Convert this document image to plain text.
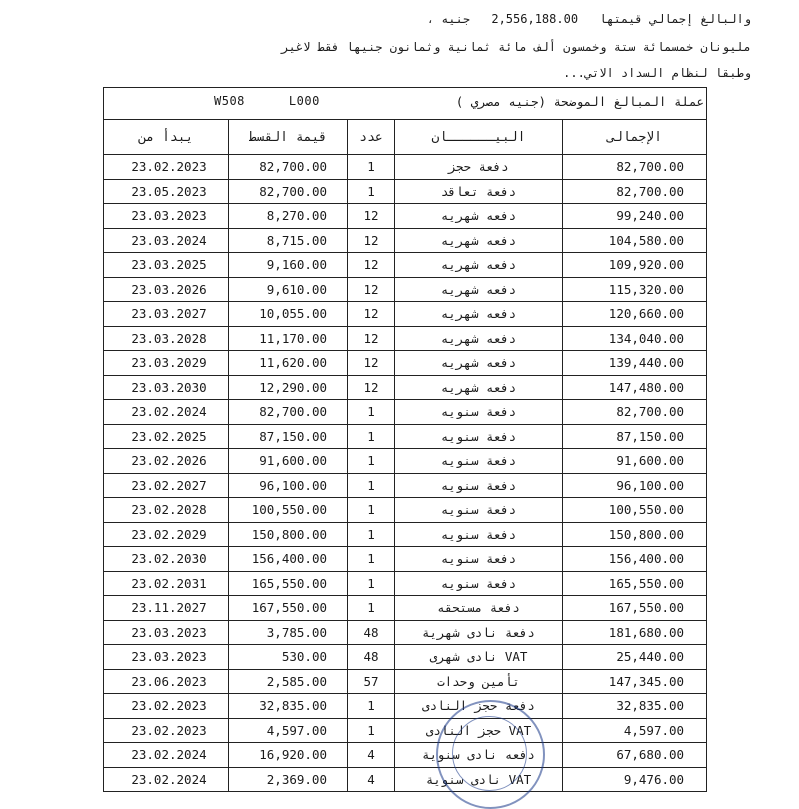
والبالغ إجمالي قيمتها 2,556,188.00 جنيه ،
مليونان خمسمائة ستة وخمسون ألف مائة ثمانية وثمانون جنيها فقط لاغير
وطبقا لنظام السداد الاتي...
W508 L000 عملة المبالغ الموضحة (جنيه مصري )				

يبدأ من	قيمة القسط	عدد	البيــــــان	الإجمالى
23.02.2023	82,700.00	1	دفعة حجز	82,700.00
23.05.2023	82,700.00	1	دفعة تعاقد	82,700.00
23.03.2023	8,270.00	12	دفعه شهريه	99,240.00
23.03.2024	8,715.00	12	دفعه شهريه	104,580.00
23.03.2025	9,160.00	12	دفعه شهريه	109,920.00
23.03.2026	9,610.00	12	دفعه شهريه	115,320.00
23.03.2027	10,055.00	12	دفعه شهريه	120,660.00
23.03.2028	11,170.00	12	دفعه شهريه	134,040.00
23.03.2029	11,620.00	12	دفعه شهريه	139,440.00
23.03.2030	12,290.00	12	دفعه شهريه	147,480.00
23.02.2024	82,700.00	1	دفعة سنويه	82,700.00
23.02.2025	87,150.00	1	دفعة سنويه	87,150.00
23.02.2026	91,600.00	1	دفعة سنويه	91,600.00
23.02.2027	96,100.00	1	دفعة سنويه	96,100.00
23.02.2028	100,550.00	1	دفعة سنويه	100,550.00
23.02.2029	150,800.00	1	دفعة سنويه	150,800.00
23.02.2030	156,400.00	1	دفعة سنويه	156,400.00
23.02.2031	165,550.00	1	دفعة سنويه	165,550.00
23.11.2027	167,550.00	1	دفعة مستحقه	167,550.00
23.03.2023	3,785.00	48	دفعة نادى شهرية	181,680.00
23.03.2023	530.00	48	VAT نادى شهرى	25,440.00
23.06.2023	2,585.00	57	تأمين وحدات	147,345.00
23.02.2023	32,835.00	1	دفعة حجز النادى	32,835.00
23.02.2023	4,597.00	1	VAT حجز النادى	4,597.00
23.02.2024	16,920.00	4	دفعه نادى سنوية	67,680.00
23.02.2024	2,369.00	4	VAT نادى سنوية	9,476.00
